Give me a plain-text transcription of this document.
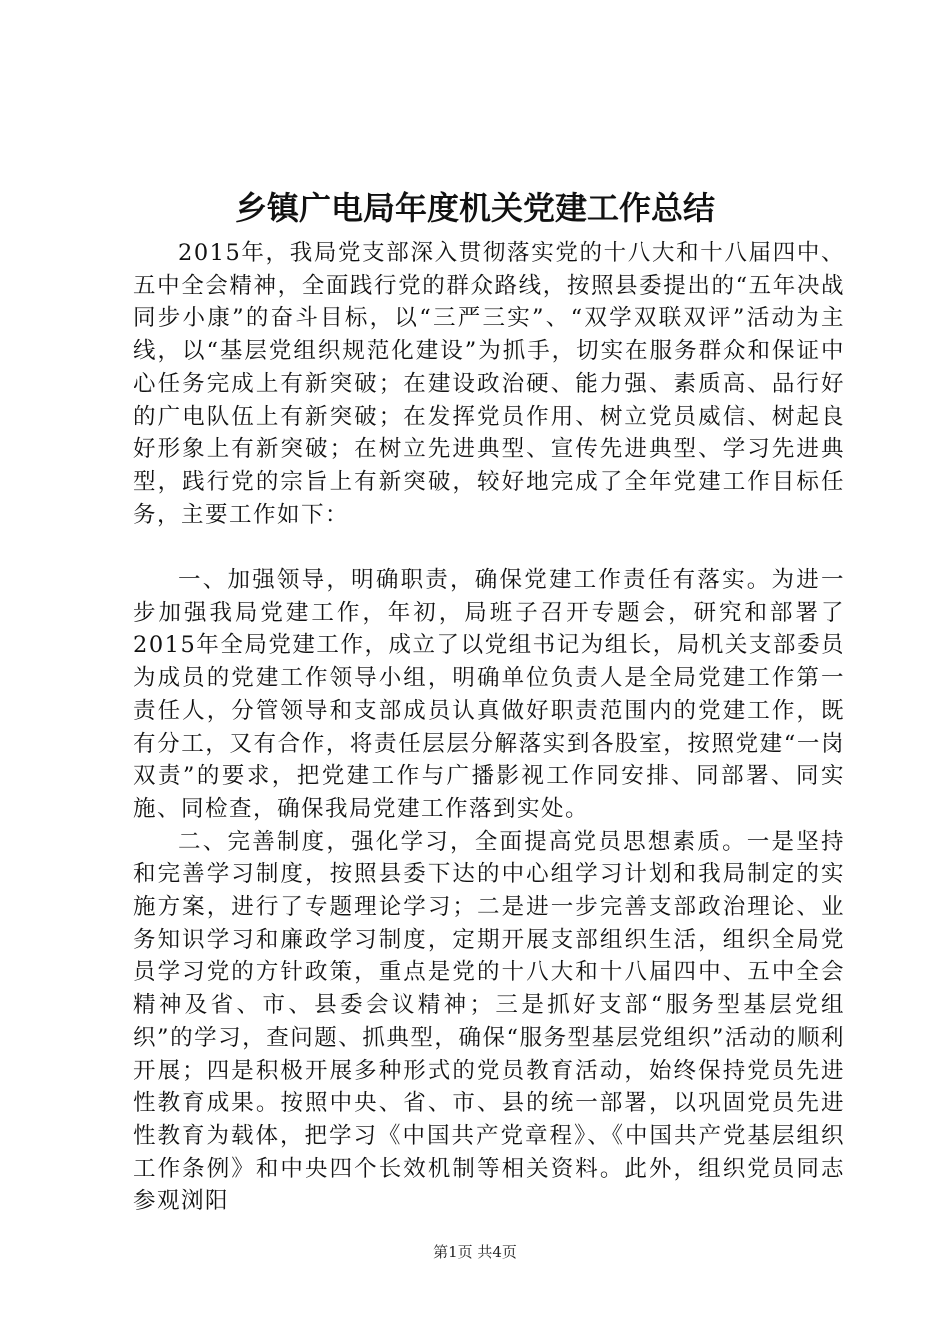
乡镇广电局年度机关党建工作总结

2015年，我局党支部深入贯彻落实党的十八大和十八届四中、五中全会精神，全面践行党的群众路线，按照县委提出的“五年决战同步小康”的奋斗目标，以“三严三实”、“双学双联双评”活动为主线，以“基层党组织规范化建设”为抓手，切实在服务群众和保证中心任务完成上有新突破；在建设政治硬、能力强、素质高、品行好的广电队伍上有新突破；在发挥党员作用、树立党员威信、树起良好形象上有新突破；在树立先进典型、宣传先进典型、学习先进典型，践行党的宗旨上有新突破，较好地完成了全年党建工作目标任务，主要工作如下：

一、加强领导，明确职责，确保党建工作责任有落实。为进一步加强我局党建工作，年初，局班子召开专题会，研究和部署了2015年全局党建工作，成立了以党组书记为组长，局机关支部委员为成员的党建工作领导小组，明确单位负责人是全局党建工作第一责任人，分管领导和支部成员认真做好职责范围内的党建工作，既有分工，又有合作，将责任层层分解落实到各股室，按照党建“一岗双责”的要求，把党建工作与广播影视工作同安排、同部署、同实施、同检查，确保我局党建工作落到实处。

二、完善制度，强化学习，全面提高党员思想素质。一是坚持和完善学习制度，按照县委下达的中心组学习计划和我局制定的实施方案，进行了专题理论学习；二是进一步完善支部政治理论、业务知识学习和廉政学习制度，定期开展支部组织生活，组织全局党员学习党的方针政策，重点是党的十八大和十八届四中、五中全会精神及省、市、县委会议精神；三是抓好支部“服务型基层党组织”的学习，查问题、抓典型，确保“服务型基层党组织”活动的顺利开展；四是积极开展多种形式的党员教育活动，始终保持党员先进性教育成果。按照中央、省、市、县的统一部署，以巩固党员先进性教育为载体，把学习《中国共产党章程》、《中国共产党基层组织工作条例》和中央四个长效机制等相关资料。此外，组织党员同志参观浏阳

第1页 共4页
